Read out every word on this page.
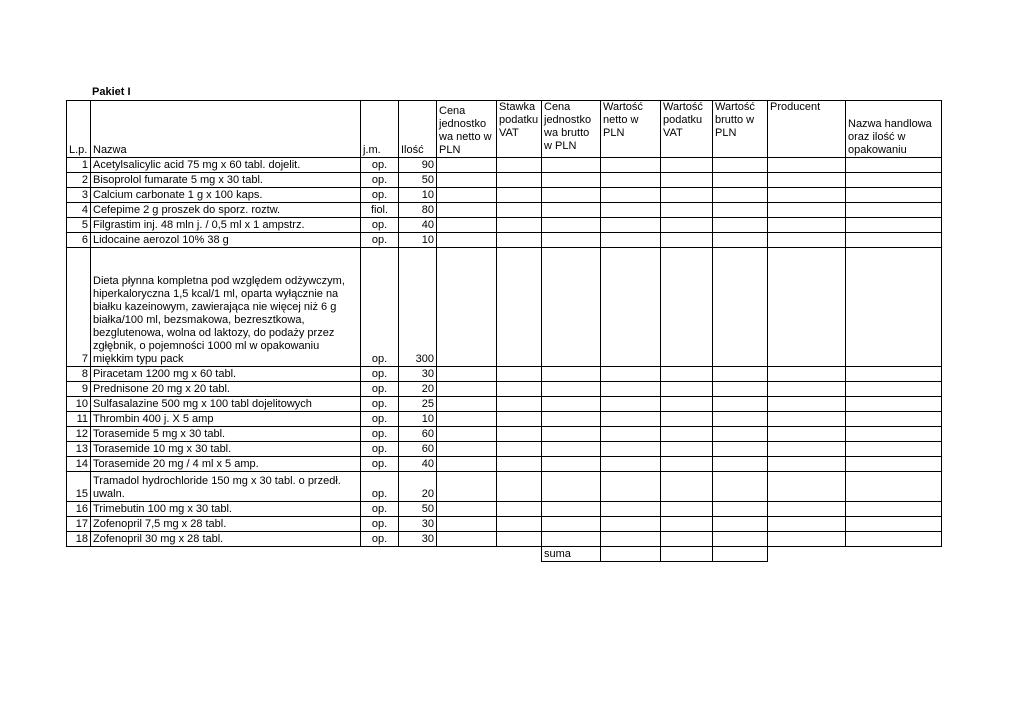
Pakiet I
L.p.	Nazwa	j.m.	Ilość	Cena jednostko wa netto w PLN	Stawka podatku VAT	Cena jednostko wa brutto w PLN	Wartość netto w PLN	Wartość podatku VAT	Wartość brutto w PLN	Producent	Nazwa handlowa oraz ilość w opakowaniu
1	Acetylsalicylic acid 75 mg x 60 tabl. dojelit.	op.	90								
2	Bisoprolol fumarate 5 mg x 30 tabl.	op.	50								
3	Calcium carbonate 1 g x 100 kaps.	op.	10								
4	Cefepime 2 g proszek do sporz. roztw.	fiol.	80								
5	Filgrastim inj. 48 mln j. / 0,5 ml x 1 ampstrz.	op.	40								
6	Lidocaine aerozol 10% 38 g	op.	10								
7	Dieta płynna kompletna pod względem odżywczym, hiperkaloryczna 1,5 kcal/1 ml, oparta wyłącznie na białku kazeinowym, zawierająca nie więcej niż 6 g białka/100 ml, bezsmakowa, bezresztkowa, bezglutenowa, wolna od laktozy, do podaży przez zgłębnik, o pojemności 1000 ml w opakowaniu miękkim typu pack	op.	300								
8	Piracetam 1200 mg x 60 tabl.	op.	30								
9	Prednisone 20 mg x 20 tabl.	op.	20								
10	Sulfasalazine 500 mg x 100 tabl dojelitowych	op.	25								
11	Thrombin 400 j. X 5 amp	op.	10								
12	Torasemide 5 mg x 30 tabl.	op.	60								
13	Torasemide 10 mg x 30 tabl.	op.	60								
14	Torasemide 20 mg / 4 ml x 5 amp.	op.	40								
15	Tramadol hydrochloride 150 mg x 30 tabl. o przedł. uwaln.	op.	20								
16	Trimebutin 100 mg x 30 tabl.	op.	50								
17	Zofenopril 7,5 mg x 28 tabl.	op.	30								
18	Zofenopril 30 mg x 28 tabl.	op.	30								
						suma					
